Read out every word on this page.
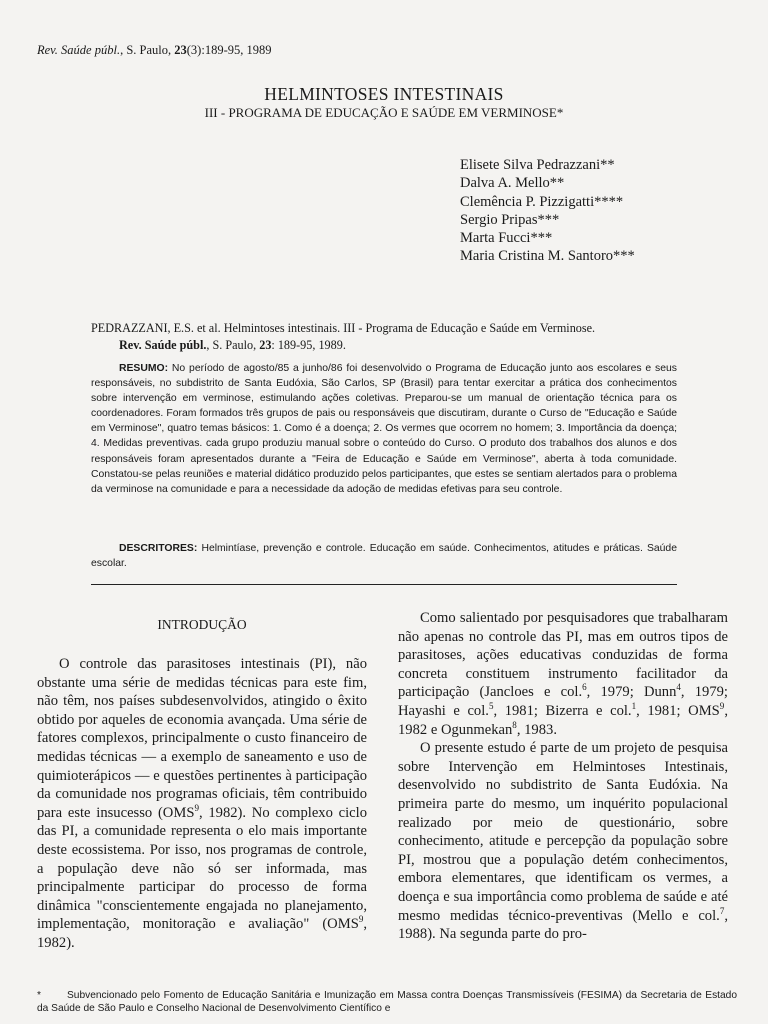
Rev. Saúde públ., S. Paulo, 23(3):189-95, 1989
HELMINTOSES INTESTINAIS
III - PROGRAMA DE EDUCAÇÃO E SAÚDE EM VERMINOSE*
Elisete Silva Pedrazzani**
Dalva A. Mello**
Clemência P. Pizzigatti****
Sergio Pripas***
Marta Fucci***
Maria Cristina M. Santoro***
PEDRAZZANI, E.S. et al. Helmintoses intestinais. III - Programa de Educação e Saúde em Verminose.
Rev. Saúde públ., S. Paulo, 23: 189-95, 1989.
RESUMO: No período de agosto/85 a junho/86 foi desenvolvido o Programa de Educação junto aos escolares e seus responsáveis, no subdistrito de Santa Eudóxia, São Carlos, SP (Brasil) para tentar exercitar a prática dos conhecimentos sobre intervenção em verminose, estimulando ações coletivas. Preparou-se um manual de orientação técnica para os coordenadores. Foram formados três grupos de pais ou responsáveis que discutiram, durante o Curso de "Educação e Saúde em Verminose", quatro temas básicos: 1. Como é a doença; 2. Os vermes que ocorrem no homem; 3. Importância da doença; 4. Medidas preventivas. cada grupo produziu manual sobre o conteúdo do Curso. O produto dos trabalhos dos alunos e dos responsáveis foram apresentados durante a "Feira de Educação e Saúde em Verminose", aberta à toda comunidade. Constatou-se pelas reuniões e material didático produzido pelos participantes, que estes se sentiam alertados para o problema da verminose na comunidade e para a necessidade da adoção de medidas efetivas para seu controle.
DESCRITORES: Helmintíase, prevenção e controle. Educação em saúde. Conhecimentos, atitudes e práticas. Saúde escolar.
INTRODUÇÃO

O controle das parasitoses intestinais (PI), não obstante uma série de medidas técnicas para este fim, não têm, nos países subdesenvolvidos, atingido o êxito obtido por aqueles de economia avançada. Uma série de fatores complexos, principalmente o custo financeiro de medidas técnicas — a exemplo de saneamento e uso de quimioterápicos — e questões pertinentes à participação da comunidade nos programas oficiais, têm contribuido para este insucesso (OMS$^9$, 1982). No complexo ciclo das PI, a comunidade representa o elo mais importante deste ecossistema. Por isso, nos programas de controle, a população deve não só ser informada, mas principalmente participar do processo de forma dinâmica "conscientemente engajada no planejamento, implementação, monitoração e avaliação" (OMS$^9$, 1982).

Como salientado por pesquisadores que trabalharam não apenas no controle das PI, mas em outros tipos de parasitoses, ações educativas conduzidas de forma concreta constituem instrumento facilitador da participação (Jancloes e col.$^6$, 1979; Dunn$^4$, 1979; Hayashi e col.$^5$, 1981; Bizerra e col.$^1$, 1981; OMS$^9$, 1982 e Ogunmekan$^8$, 1983.

O presente estudo é parte de um projeto de pesquisa sobre Intervenção em Helmintoses Intestinais, desenvolvido no subdistrito de Santa Eudóxia. Na primeira parte do mesmo, um inquérito populacional realizado por meio de questionário, sobre conhecimento, atitude e percepção da população sobre PI, mostrou que a população detém conhecimentos, embora elementares, que identificam os vermes, a doença e sua importância como problema de saúde e até mesmo medidas técnico-preventivas (Mello e col.$^7$, 1988). Na segunda parte do pro-

*	Subvencionado pelo Fomento de Educação Sanitária e Imunização em Massa contra Doenças Transmissíveis (FESIMA) da Secretaria de Estado da Saúde de São Paulo e Conselho Nacional de Desenvolvimento Científico e
